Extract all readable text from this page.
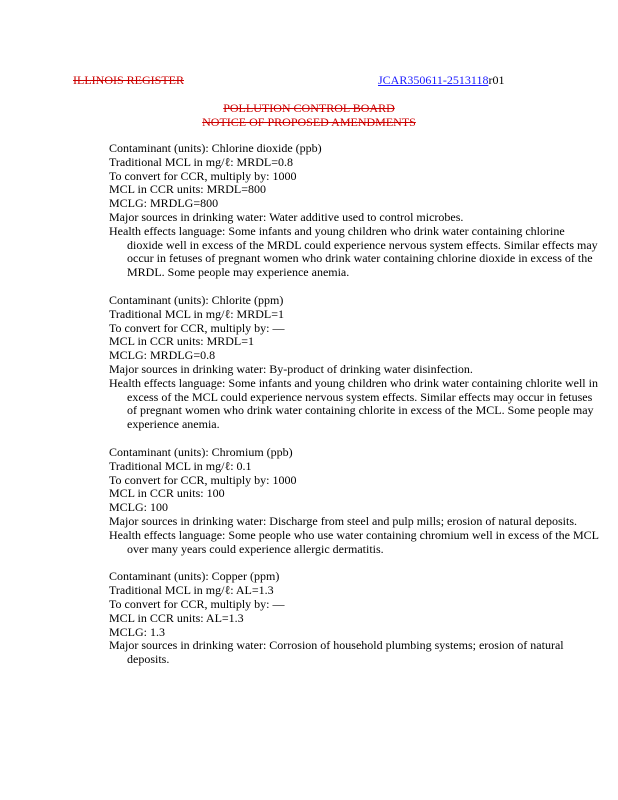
ILLINOIS REGISTER	JCAR350611-2513118r01
POLLUTION CONTROL BOARD
NOTICE OF PROPOSED AMENDMENTS
Contaminant (units): Chlorine dioxide (ppb)
Traditional MCL in mg/ℓ: MRDL=0.8
To convert for CCR, multiply by: 1000
MCL in CCR units: MRDL=800
MCLG: MRDLG=800
Major sources in drinking water: Water additive used to control microbes.
Health effects language: Some infants and young children who drink water containing chlorine dioxide well in excess of the MRDL could experience nervous system effects. Similar effects may occur in fetuses of pregnant women who drink water containing chlorine dioxide in excess of the MRDL. Some people may experience anemia.
Contaminant (units): Chlorite (ppm)
Traditional MCL in mg/ℓ: MRDL=1
To convert for CCR, multiply by: —
MCL in CCR units: MRDL=1
MCLG: MRDLG=0.8
Major sources in drinking water: By-product of drinking water disinfection.
Health effects language: Some infants and young children who drink water containing chlorite well in excess of the MCL could experience nervous system effects. Similar effects may occur in fetuses of pregnant women who drink water containing chlorite in excess of the MCL. Some people may experience anemia.
Contaminant (units): Chromium (ppb)
Traditional MCL in mg/ℓ: 0.1
To convert for CCR, multiply by: 1000
MCL in CCR units: 100
MCLG: 100
Major sources in drinking water: Discharge from steel and pulp mills; erosion of natural deposits.
Health effects language: Some people who use water containing chromium well in excess of the MCL over many years could experience allergic dermatitis.
Contaminant (units): Copper (ppm)
Traditional MCL in mg/ℓ: AL=1.3
To convert for CCR, multiply by: —
MCL in CCR units: AL=1.3
MCLG: 1.3
Major sources in drinking water: Corrosion of household plumbing systems; erosion of natural deposits.
